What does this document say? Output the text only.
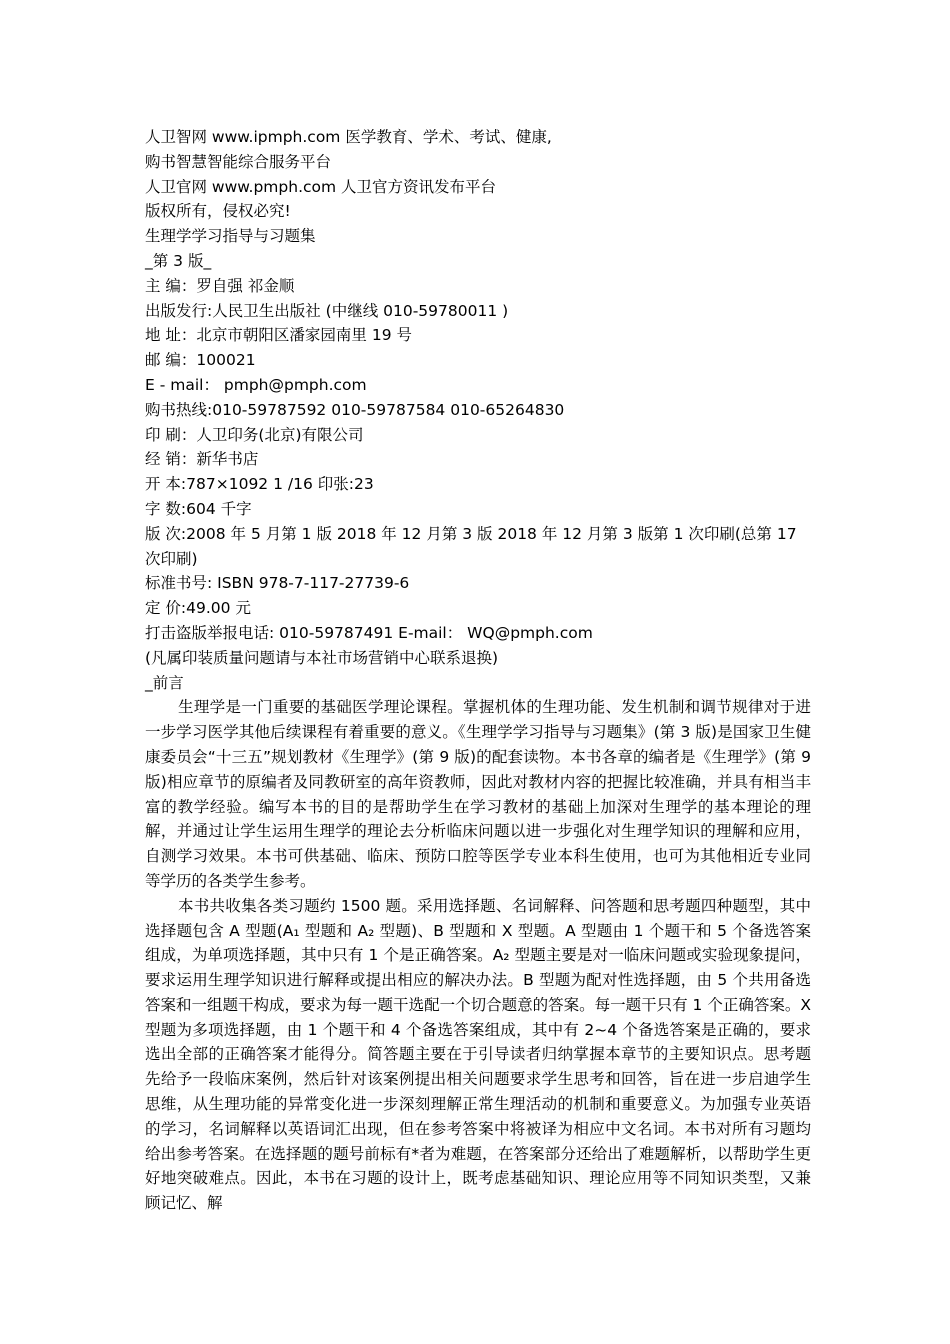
人卫智网 www.ipmph.com 医学教育、学术、考试、健康,
购书智慧智能综合服务平台
人卫官网 www.pmph.com 人卫官方资讯发布平台
版权所有，侵权必究!
生理学学习指导与习题集
_第 3 版_
主 编：罗自强 祁金顺
出版发行:人民卫生出版社 (中继线 010-59780011 )
地 址：北京市朝阳区潘家园南里 19 号
邮 编：100021
E - mail： pmph@pmph.com
购书热线:010-59787592 010-59787584 010-65264830
印 刷：人卫印务(北京)有限公司
经 销：新华书店
开 本:787×1092 1 /16 印张:23
字 数:604 千字
版 次:2008 年 5 月第 1 版 2018 年 12 月第 3 版 2018 年 12 月第 3 版第 1 次印刷(总第 17 次印刷)
标准书号: ISBN 978-7-117-27739-6
定 价:49.00 元
打击盗版举报电话: 010-59787491 E-mail： WQ@pmph.com
(凡属印装质量问题请与本社市场营销中心联系退换)
_前言

生理学是一门重要的基础医学理论课程。掌握机体的生理功能、发生机制和调节规律对于进一步学习医学其他后续课程有着重要的意义。《生理学学习指导与习题集》(第 3 版)是国家卫生健康委员会“十三五”规划教材《生理学》(第 9 版)的配套读物。本书各章的编者是《生理学》(第 9 版)相应章节的原编者及同教研室的高年资教师，因此对教材内容的把握比较准确，并具有相当丰富的教学经验。编写本书的目的是帮助学生在学习教材的基础上加深对生理学的基本理论的理解，并通过让学生运用生理学的理论去分析临床问题以进一步强化对生理学知识的理解和应用，自测学习效果。本书可供基础、临床、预防口腔等医学专业本科生使用，也可为其他相近专业同等学历的各类学生参考。

本书共收集各类习题约 1500 题。采用选择题、名词解释、问答题和思考题四种题型，其中选择题包含 A 型题(A₁ 型题和 A₂ 型题)、B 型题和 X 型题。A 型题由 1 个题干和 5 个备选答案组成，为单项选择题，其中只有 1 个是正确答案。A₂ 型题主要是对一临床问题或实验现象提问，要求运用生理学知识进行解释或提出相应的解决办法。B 型题为配对性选择题，由 5 个共用备选答案和一组题干构成，要求为每一题干选配一个切合题意的答案。每一题干只有 1 个正确答案。X 型题为多项选择题，由 1 个题干和 4 个备选答案组成，其中有 2~4 个备选答案是正确的，要求选出全部的正确答案才能得分。简答题主要在于引导读者归纳掌握本章节的主要知识点。思考题先给予一段临床案例，然后针对该案例提出相关问题要求学生思考和回答，旨在进一步启迪学生思维，从生理功能的异常变化进一步深刻理解正常生理活动的机制和重要意义。为加强专业英语的学习，名词解释以英语词汇出现，但在参考答案中将被译为相应中文名词。本书对所有习题均给出参考答案。在选择题的题号前标有*者为难题，在答案部分还给出了难题解析，以帮助学生更好地突破难点。因此，本书在习题的设计上，既考虑基础知识、理论应用等不同知识类型，又兼顾记忆、解
